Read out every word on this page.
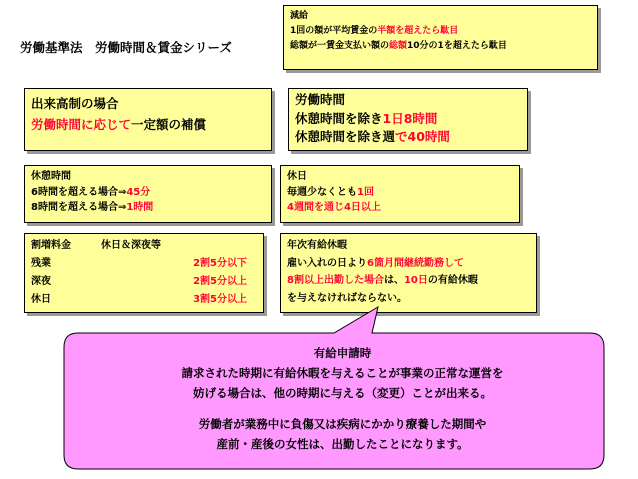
労働基準法　労働時間＆賃金シリーズ
減給
1回の額が平均賃金の半額を超えたら駄目
総額が一賃金支払い額の総額10分の1を超えたら駄目
出来高制の場合
労働時間に応じて一定額の補償
労働時間
休憩時間を除き1日8時間
休憩時間を除き週で40時間
休憩時間
6時間を超える場合⇒45分
8時間を超える場合⇒1時間
休日
毎週少なくとも1回
4週間を通じ4日以上
割増料金	休日＆深夜等
残業	2割5分以下
深夜	2割5分以上
休日	3割5分以上
年次有給休暇
雇い入れの日より6箇月間継続勤務して
8割以上出勤した場合は、10日の有給休暇
を与えなければならない。
有給申請時
請求された時期に有給休暇を与えることが事業の正常な運営を
妨げる場合は、他の時期に与える（変更）ことが出来る。
労働者が業務中に負傷又は疾病にかかり療養した期間や
産前・産後の女性は、出勤したことになります。
